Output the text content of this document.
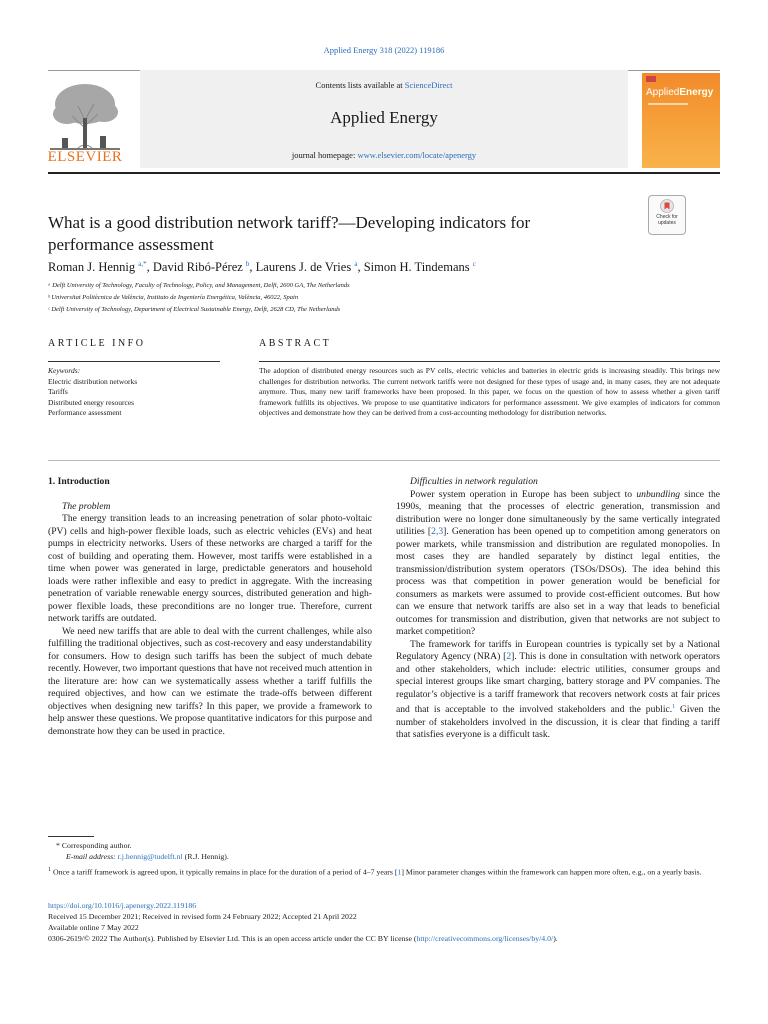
Applied Energy 318 (2022) 119186
ELSEVIER
Contents lists available at ScienceDirect
Applied Energy
journal homepage: www.elsevier.com/locate/apenergy
AppliedEnergy
Check for updates
What is a good distribution network tariff?—Developing indicators for
performance assessment
Roman J. Hennig $^{a,*}$, David Ribó-Pérez $^b$, Laurens J. de Vries $^a$, Simon H. Tindemans $^c$
ᵃ Delft University of Technology, Faculty of Technology, Policy, and Management, Delft, 2600 GA, The Netherlands
ᵇ Universitat Politècnica de València, Instituto de Ingeniería Energética, València, 46022, Spain
ᶜ Delft University of Technology, Department of Electrical Sustainable Energy, Delft, 2628 CD, The Netherlands
ARTICLE INFO	ABSTRACT
Keywords:
Electric distribution networks
Tariffs
Distributed energy resources
Performance assessment
The adoption of distributed energy resources such as PV cells, electric vehicles and batteries in electric grids is increasing steadily. This brings new challenges for distribution networks. The current network tariffs were not designed for these types of usage and, in many cases, they are not adequate anymore. Thus, many new tariff frameworks have been proposed. In this paper, we focus on the question of how to assess whether a given tariff framework fulfills its objectives. We propose to use quantitative indicators for performance assessment. We give examples of indicators for common objectives and demonstrate how they can be derived from a cost-accounting methodology for distribution networks.

1. Introduction

The problem

The energy transition leads to an increasing penetration of solar photo-voltaic (PV) cells and high-power flexible loads, such as electric vehicles (EVs) and heat pumps in electricity networks. Users of these networks are charged a tariff for the cost of building and operating them. However, most tariffs were established in a time when power was generated in large, predictable generators and household loads were rather inflexible and easy to predict in aggregate. With the increasing penetration of variable renewable energy sources, distributed generation and high-power flexible loads, these preconditions are no longer true. Therefore, current network tariffs are outdated.

We need new tariffs that are able to deal with the current challenges, while also fulfilling the traditional objectives, such as cost-recovery and easy understandability for consumers. How to design such tariffs has been the subject of much debate recently. However, two important questions that have not received much attention in the literature are: how can we systematically assess whether a tariff fulfills the required objectives, and how can we estimate the trade-offs between different objectives when designing new tariffs? In this paper, we provide a framework to help answer these questions. We propose quantitative indicators for this purpose and demonstrate how they can be used in practice.

Difficulties in network regulation

Power system operation in Europe has been subject to unbundling since the 1990s, meaning that the processes of electric generation, transmission and distribution were no longer done simultaneously by the same vertically integrated utilities [2,3]. Generation has been opened up to competition among generators on power markets, while transmission and distribution are regulated monopolies. In most cases they are handled separately by distinct legal entities, the transmission/distribution system operators (TSOs/DSOs). The idea behind this process was that competition in power generation would be beneficial for consumers as markets were assumed to provide cost-efficient outcomes. But how can we ensure that network tariffs are also set in a way that leads to beneficial outcomes for transmission and distribution, given that networks are not subject to market competition?

The framework for tariffs in European countries is typically set by a National Regulatory Agency (NRA) [2]. This is done in consultation with network operators and other stakeholders, which include: electric utilities, consumer groups and special interest groups like smart charging, battery storage and PV companies. The regulator’s objective is a tariff framework that recovers network costs at fair prices and that is acceptable to the involved stakeholders and the public.$^1$ Given the number of stakeholders involved in the discussion, it is clear that finding a tariff that satisfies everyone is a difficult task.

* Corresponding author.
E-mail address: r.j.hennig@tudelft.nl (R.J. Hennig).
$^1$ Once a tariff framework is agreed upon, it typically remains in place for the duration of a period of 4–7 years [1] Minor parameter changes within the framework can happen more often, e.g., on a yearly basis.
https://doi.org/10.1016/j.apenergy.2022.119186
Received 15 December 2021; Received in revised form 24 February 2022; Accepted 21 April 2022
Available online 7 May 2022
0306-2619/© 2022 The Author(s). Published by Elsevier Ltd. This is an open access article under the CC BY license (http://creativecommons.org/licenses/by/4.0/).
